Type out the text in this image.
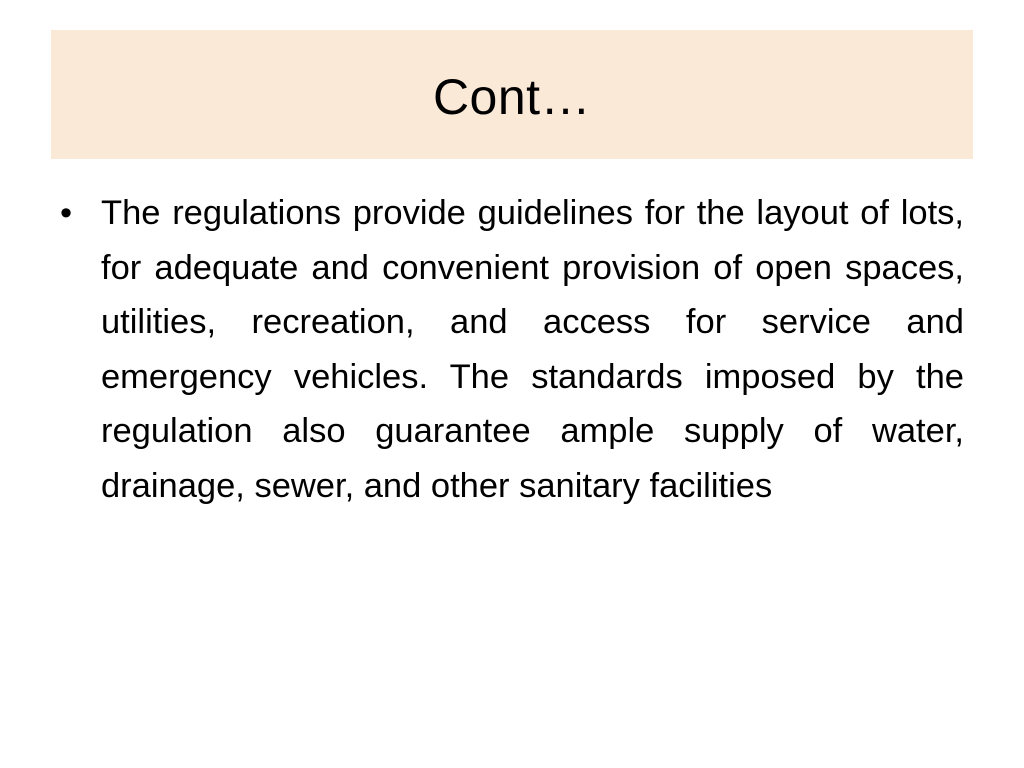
Cont…
• The regulations provide guidelines for the layout of lots, for adequate and convenient provision of open spaces, utilities, recreation, and access for service and emergency vehicles. The standards imposed by the regulation also guarantee ample supply of water, drainage, sewer, and other sanitary facilities
